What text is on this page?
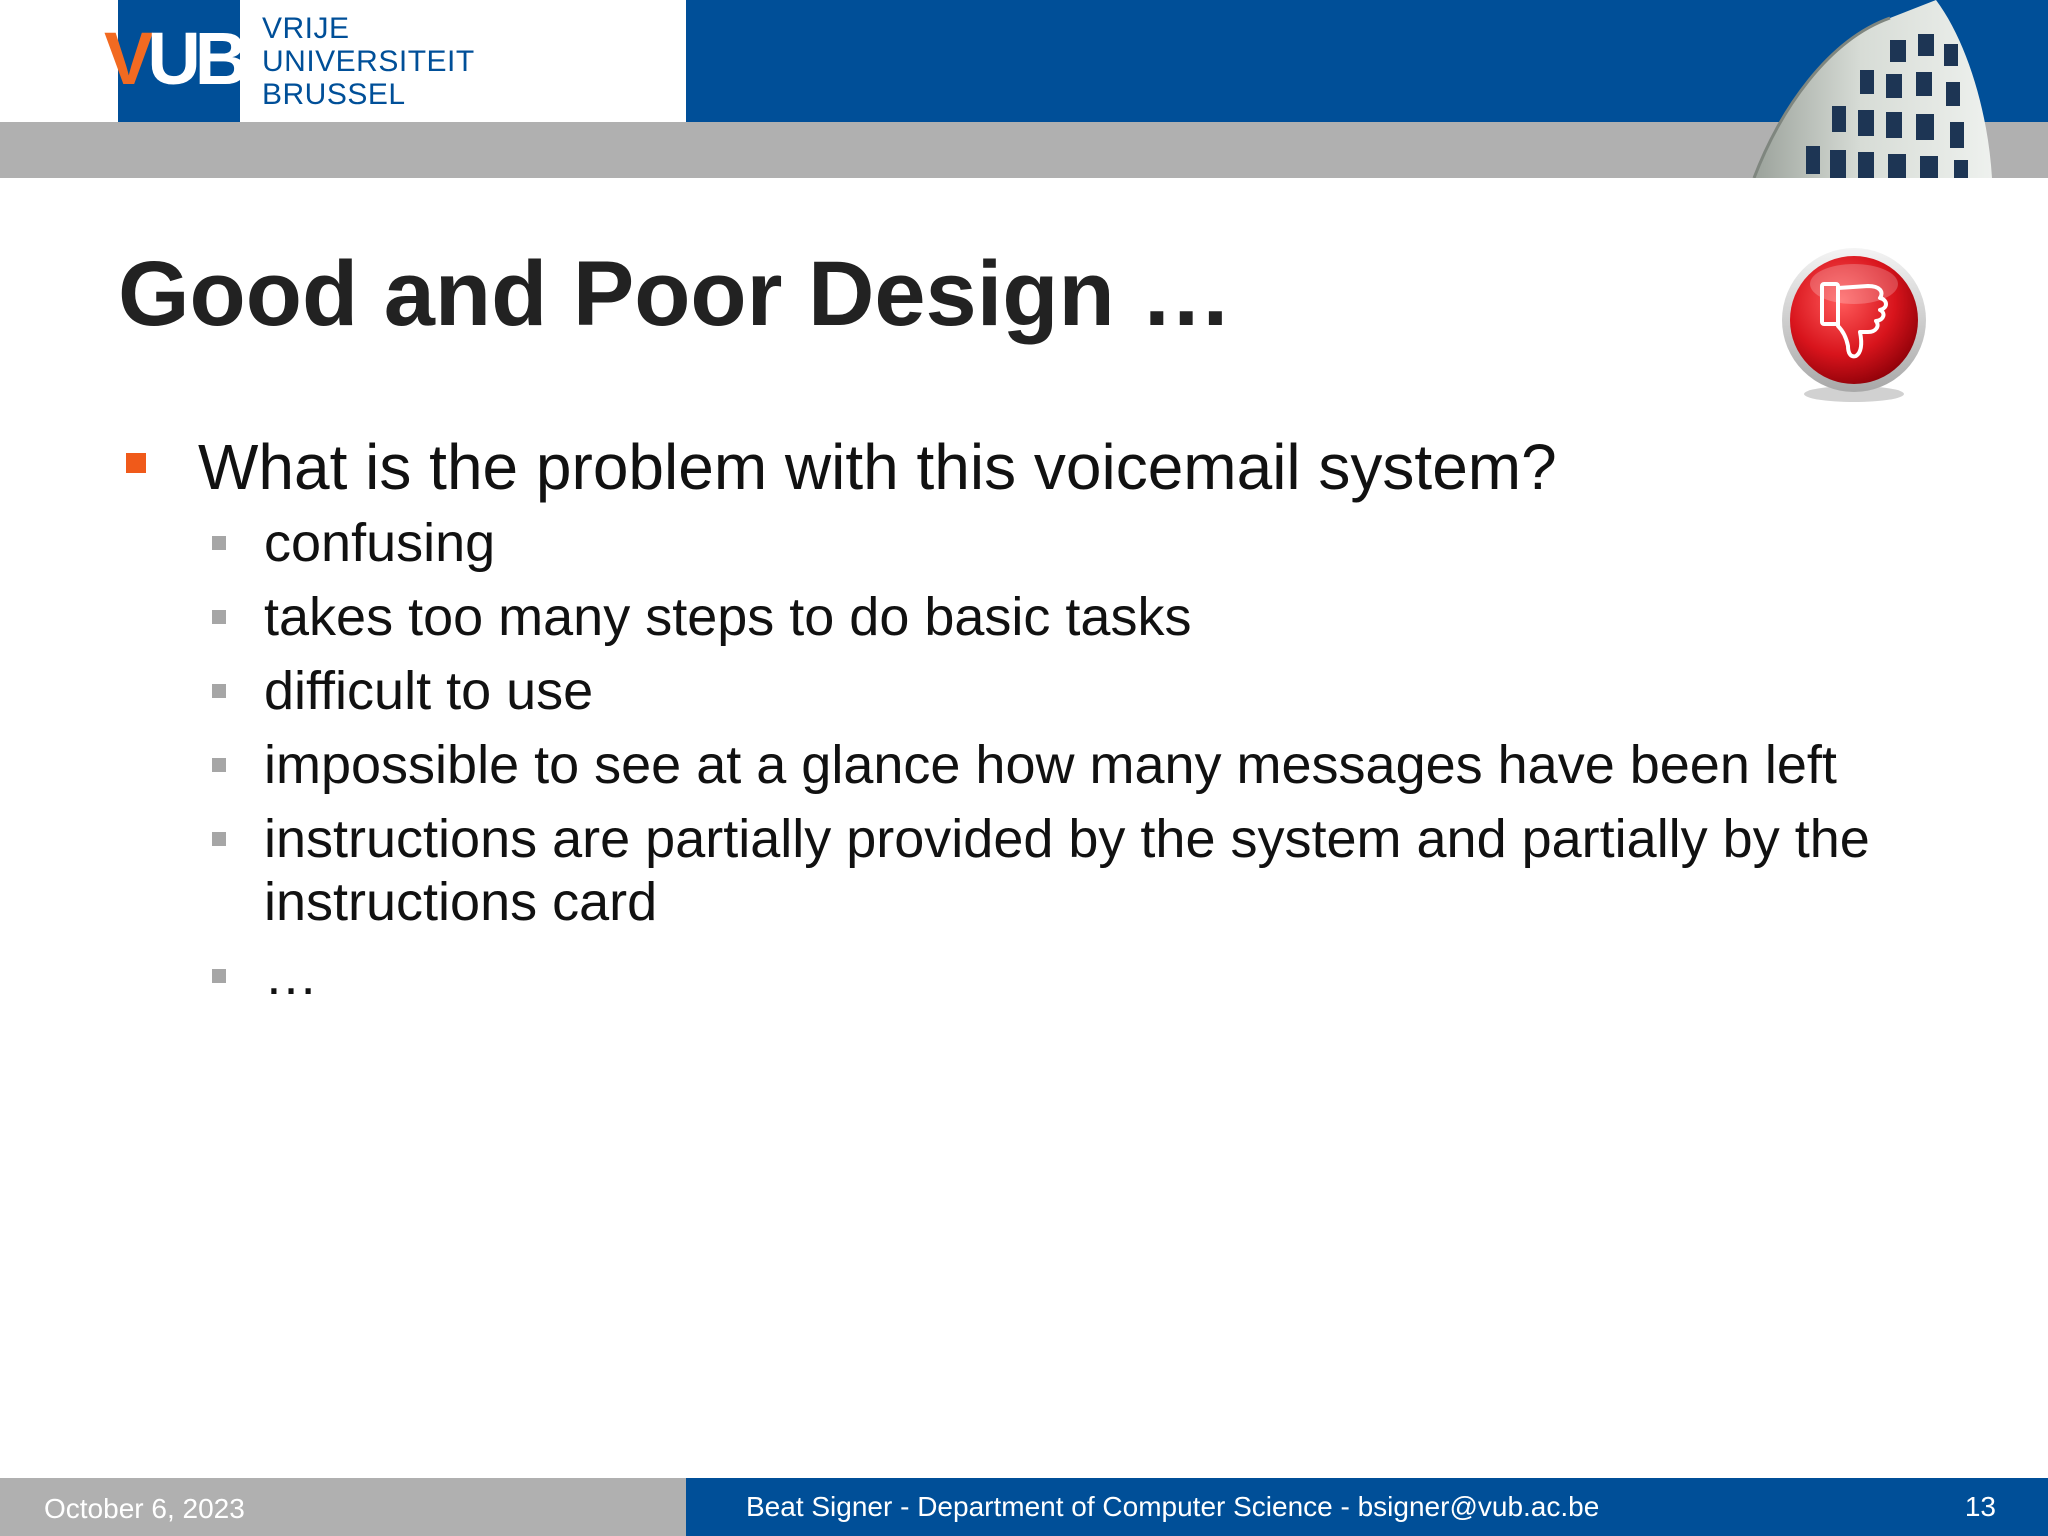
VUB VRIJE
UNIVERSITEIT
BRUSSEL
Good and Poor Design …
What is the problem with this voicemail system?
confusing
takes too many steps to do basic tasks
difficult to use
impossible to see at a glance how many messages have been left
instructions are partially provided by the system and partially by the instructions card
…
October 6, 2023	Beat Signer - Department of Computer Science - bsigner@vub.ac.be	13
